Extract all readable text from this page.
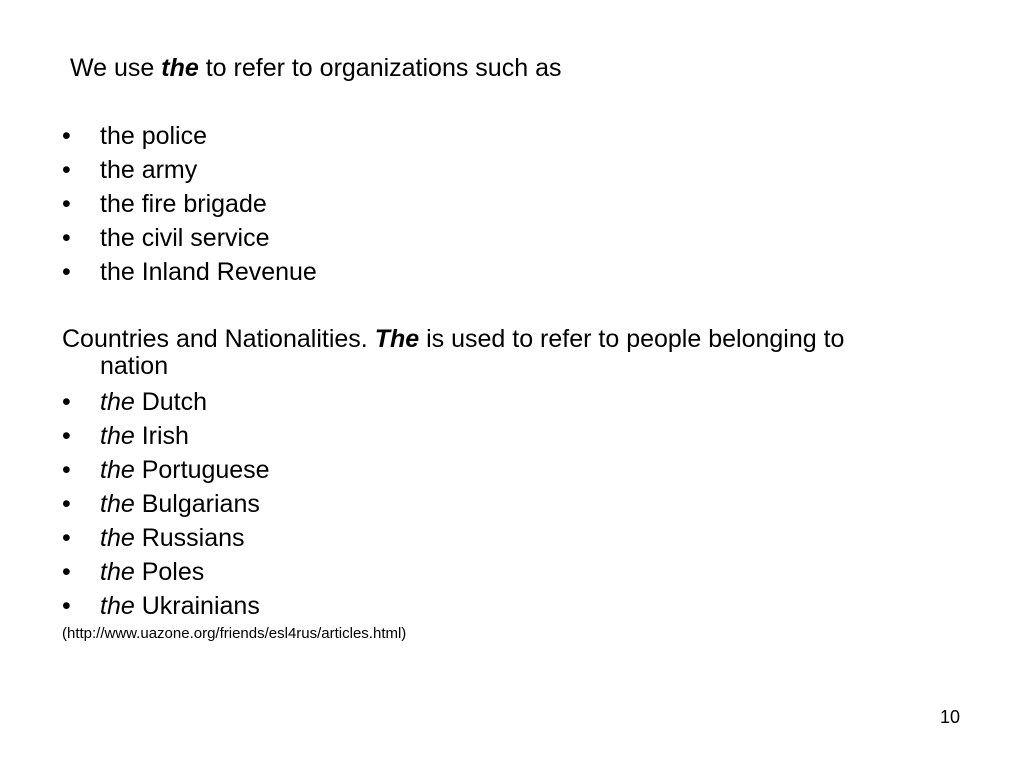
We use the to refer to organizations such as
• the police
• the army
• the fire brigade
• the civil service
• the Inland Revenue
Countries and Nationalities. The is used to refer to people belonging to
nation
• the Dutch
• the Irish
• the Portuguese
• the Bulgarians
• the Russians
• the Poles
• the Ukrainians
(http://www.uazone.org/friends/esl4rus/articles.html)
10
